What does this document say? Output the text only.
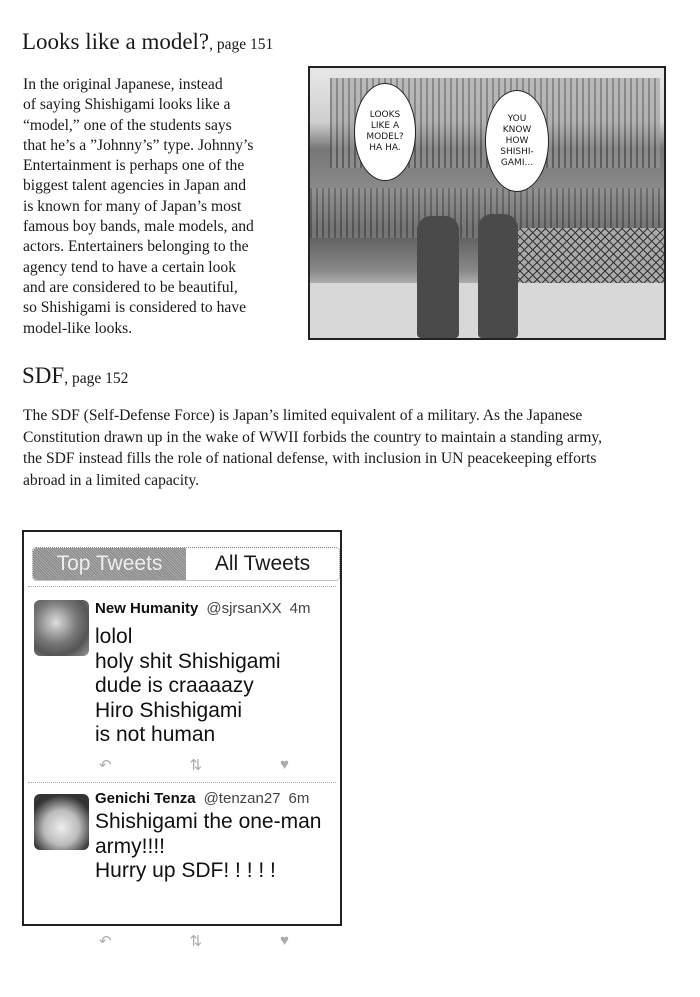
Looks like a model?, page 151
In the original Japanese, instead
of saying Shishigami looks like a
“model,” one of the students says
that he’s a ”Johnny’s” type. Johnny’s
Entertainment is perhaps one of the
biggest talent agencies in Japan and
is known for many of Japan’s most
famous boy bands, male models, and
actors. Entertainers belonging to the
agency tend to have a certain look
and are considered to be beautiful,
so Shishigami is considered to have
model-like looks.
LOOKS
LIKE A
MODEL?
HA HA.
YOU
KNOW
HOW
SHISHI-
GAMI...
SDF, page 152
The SDF (Self-Defense Force) is Japan’s limited equivalent of a military. As the Japanese
Constitution drawn up in the wake of WWII forbids the country to maintain a standing army,
the SDF instead fills the role of national defense, with inclusion in UN peacekeeping efforts
abroad in a limited capacity.
Top Tweets	All Tweets
New Humanity @sjrsanXX 4m
lolol
holy shit Shishigami
dude is craaaazy
Hiro Shishigami
is not human
↶	⇅	♥
Genichi Tenza @tenzan27 6m
Shishigami the one-man
army!!!!
Hurry up SDF! ! ! ! !
↶	⇅	♥
